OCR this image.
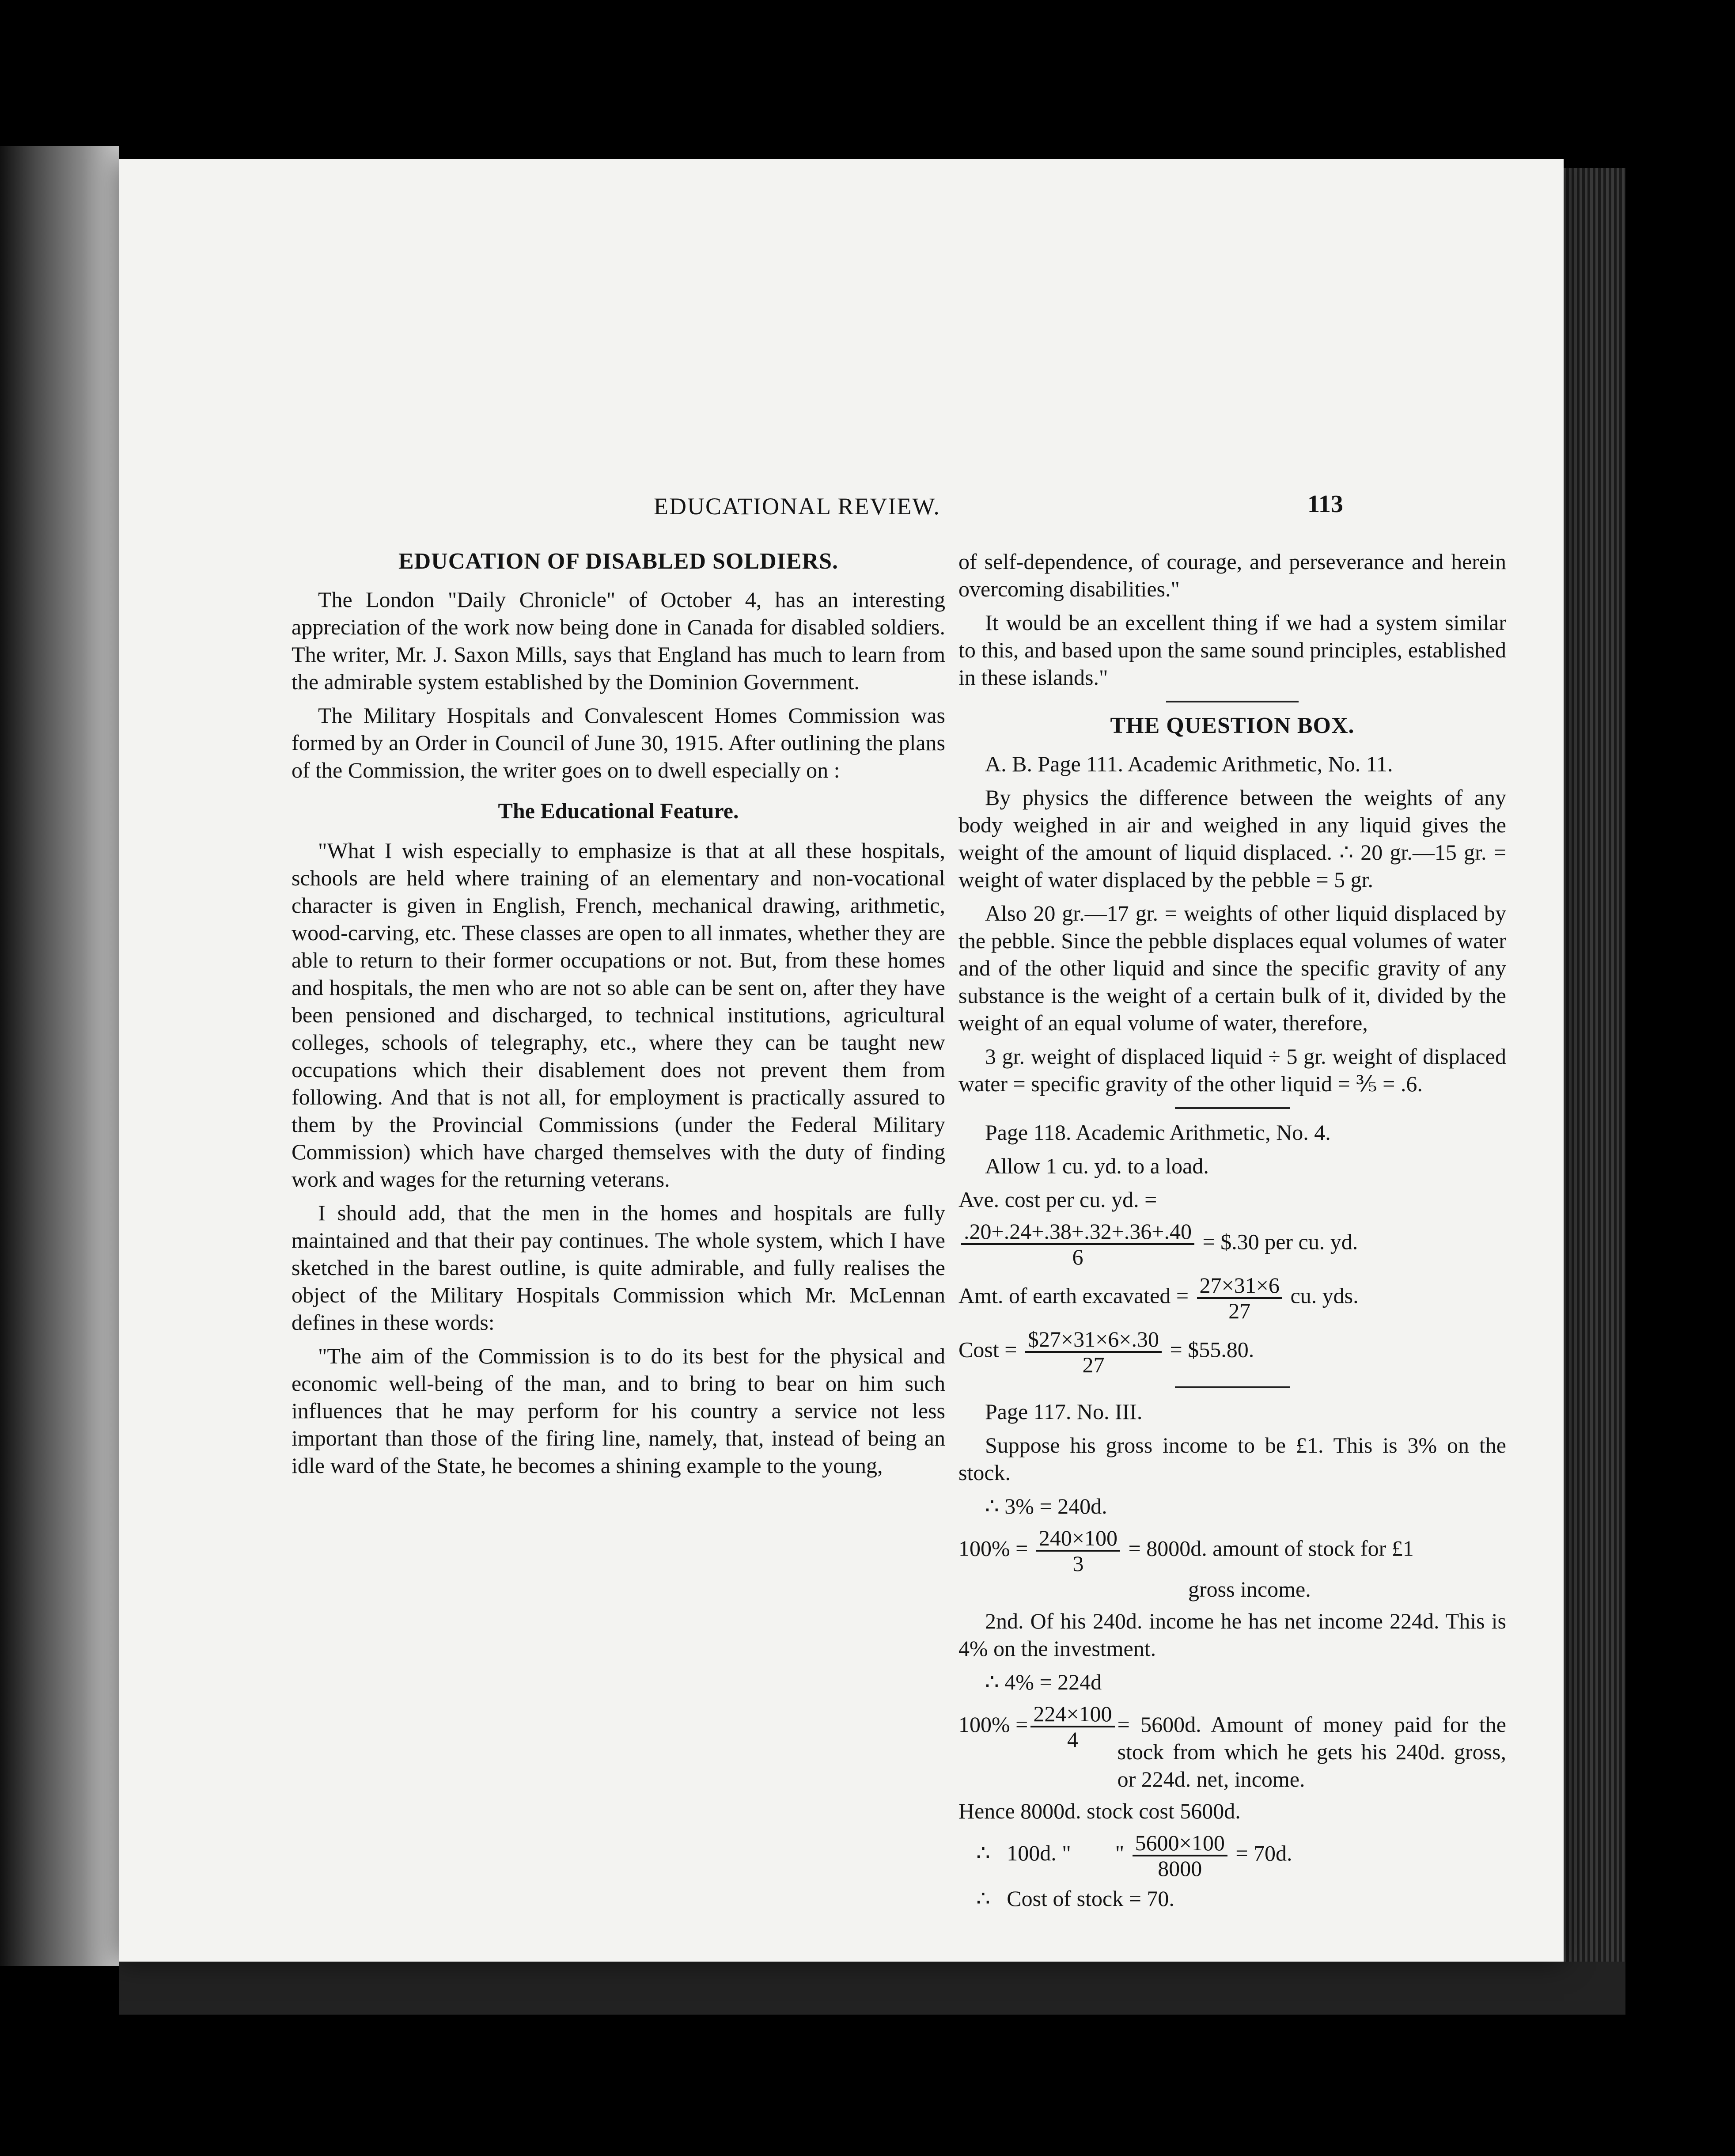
EDUCATIONAL REVIEW.	113
EDUCATION OF DISABLED SOLDIERS.

The London "Daily Chronicle" of October 4, has an interesting appreciation of the work now being done in Canada for disabled soldiers. The writer, Mr. J. Saxon Mills, says that England has much to learn from the admirable system established by the Dominion Government.

The Military Hospitals and Convalescent Homes Commission was formed by an Order in Council of June 30, 1915. After outlining the plans of the Commission, the writer goes on to dwell especially on :

The Educational Feature.

"What I wish especially to emphasize is that at all these hospitals, schools are held where training of an elementary and non-vocational character is given in English, French, mechanical drawing, arithmetic, wood-carving, etc. These classes are open to all inmates, whether they are able to return to their former occupations or not. But, from these homes and hospitals, the men who are not so able can be sent on, after they have been pensioned and discharged, to technical institutions, agricultural colleges, schools of telegraphy, etc., where they can be taught new occupations which their disablement does not prevent them from following. And that is not all, for employment is practically assured to them by the Provincial Commissions (under the Federal Military Commission) which have charged themselves with the duty of finding work and wages for the returning veterans.

I should add, that the men in the homes and hospitals are fully maintained and that their pay continues. The whole system, which I have sketched in the barest outline, is quite admirable, and fully realises the object of the Military Hospitals Commission which Mr. McLennan defines in these words:

"The aim of the Commission is to do its best for the physical and economic well-being of the man, and to bring to bear on him such influences that he may perform for his country a service not less important than those of the firing line, namely, that, instead of being an idle ward of the State, he becomes a shining example to the young,

of self-dependence, of courage, and perseverance and herein overcoming disabilities."

It would be an excellent thing if we had a system similar to this, and based upon the same sound principles, established in these islands."

THE QUESTION BOX.

A. B. Page 111. Academic Arithmetic, No. 11.

By physics the difference between the weights of any body weighed in air and weighed in any liquid gives the weight of the amount of liquid displaced. ∴ 20 gr.—15 gr. = weight of water displaced by the pebble = 5 gr.

Also 20 gr.—17 gr. = weights of other liquid displaced by the pebble. Since the pebble displaces equal volumes of water and of the other liquid and since the specific gravity of any substance is the weight of a certain bulk of it, divided by the weight of an equal volume of water, therefore,

3 gr. weight of displaced liquid ÷ 5 gr. weight of displaced water = specific gravity of the other liquid = ⅗ = .6.

Page 118. Academic Arithmetic, No. 4.

Allow 1 cu. yd. to a load.

Ave. cost per cu. yd. =

$\frac{.20+.24+.38+.32+.36+.40}{6}$ = $.30 per cu. yd.
Amt. of earth excavated = $\frac{27\times 31\times 6}{27}$ cu. yds.
Cost = $\frac{\$27\times 31\times 6\times.30}{27}$ = $55.80.

Page 117. No. III.

Suppose his gross income to be £1. This is 3% on the stock.

∴ 3% = 240d.

$100\% = \frac{240\times 100}{3} = 8000d$. amount of stock for £1
gross income.

2nd. Of his 240d. income he has net income 224d. This is 4% on the investment.

∴ 4% = 224d

$100\% = \frac{224\times 100}{4} = 5600d$. Amount of money paid for the stock from which he gets his 240d. gross, or 224d. net, income.

Hence 8000d. stock cost 5600d.

∴   100d. "        " $\frac{5600\times 100}{8000} = 70d$.

∴   Cost of stock = 70.
